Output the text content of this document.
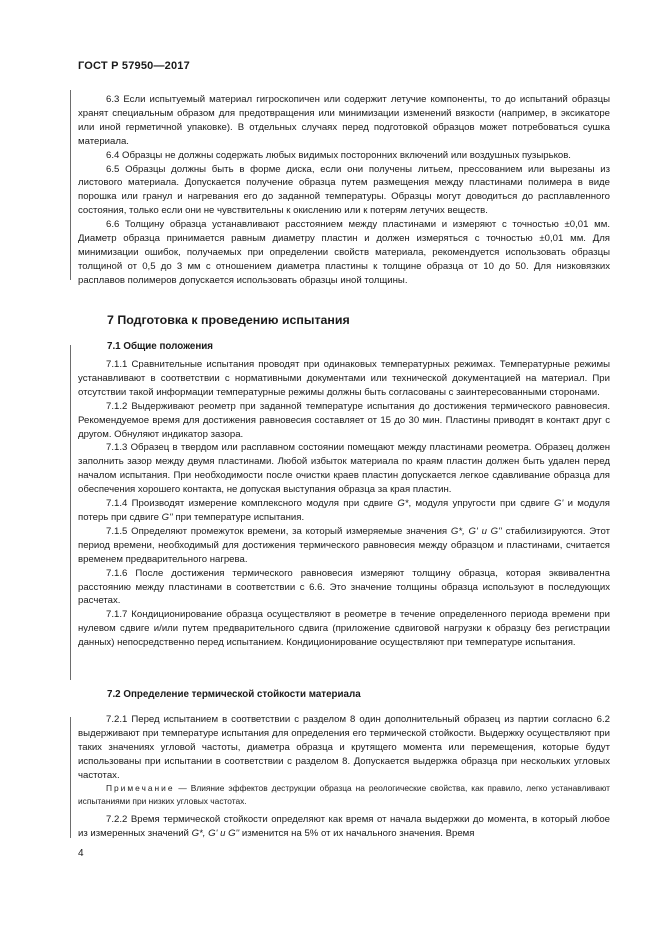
ГОСТ Р 57950—2017

6.3 Если испытуемый материал гигроскопичен или содержит летучие компоненты, то до испытаний образцы хранят специальным образом для предотвращения или минимизации изменений вязкости (например, в эксикаторе или иной герметичной упаковке). В отдельных случаях перед подготовкой образцов может потребоваться сушка материала.

6.4 Образцы не должны содержать любых видимых посторонних включений или воздушных пузырьков.

6.5 Образцы должны быть в форме диска, если они получены литьем, прессованием или вырезаны из листового материала. Допускается получение образца путем размещения между пластинами полимера в виде порошка или гранул и нагревания его до заданной температуры. Образцы могут доводиться до расплавленного состояния, только если они не чувствительны к окислению или к потерям летучих веществ.

6.6 Толщину образца устанавливают расстоянием между пластинами и измеряют с точностью ±0,01 мм. Диаметр образца принимается равным диаметру пластин и должен измеряться с точностью ±0,01 мм. Для минимизации ошибок, получаемых при определении свойств материала, рекомендуется использовать образцы толщиной от 0,5 до 3 мм с отношением диаметра пластины к толщине образца от 10 до 50. Для низковязких расплавов полимеров допускается использовать образцы иной толщины.

7 Подготовка к проведению испытания
7.1 Общие положения

7.1.1 Сравнительные испытания проводят при одинаковых температурных режимах. Температурные режимы устанавливают в соответствии с нормативными документами или технической документацией на материал. При отсутствии такой информации температурные режимы должны быть согласованы с заинтересованными сторонами.

7.1.2 Выдерживают реометр при заданной температуре испытания до достижения термического равновесия. Рекомендуемое время для достижения равновесия составляет от 15 до 30 мин. Пластины приводят в контакт друг с другом. Обнуляют индикатор зазора.

7.1.3 Образец в твердом или расплавном состоянии помещают между пластинами реометра. Образец должен заполнить зазор между двумя пластинами. Любой избыток материала по краям пластин должен быть удален перед началом испытания. При необходимости после очистки краев пластин допускается легкое сдавливание образца для обеспечения хорошего контакта, не допуская выступания образца за края пластин.

7.1.4 Производят измерение комплексного модуля при сдвиге G*, модуля упругости при сдвиге G' и модуля потерь при сдвиге G'' при температуре испытания.

7.1.5 Определяют промежуток времени, за который измеряемые значения G*, G' и G'' стабилизируются. Этот период времени, необходимый для достижения термического равновесия между образцом и пластинами, считается временем предварительного нагрева.

7.1.6 После достижения термического равновесия измеряют толщину образца, которая эквивалентна расстоянию между пластинами в соответствии с 6.6. Это значение толщины образца используют в последующих расчетах.

7.1.7 Кондиционирование образца осуществляют в реометре в течение определенного периода времени при нулевом сдвиге и/или путем предварительного сдвига (приложение сдвиговой нагрузки к образцу без регистрации данных) непосредственно перед испытанием. Кондиционирование осуществляют при температуре испытания.

7.2 Определение термической стойкости материала

7.2.1 Перед испытанием в соответствии с разделом 8 один дополнительный образец из партии согласно 6.2 выдерживают при температуре испытания для определения его термической стойкости. Выдержку осуществляют при таких значениях угловой частоты, диаметра образца и крутящего момента или перемещения, которые будут использованы при испытании в соответствии с разделом 8. Допускается выдержка образца при нескольких угловых частотах.

Примечание — Влияние эффектов деструкции образца на реологические свойства, как правило, легко устанавливают испытаниями при низких угловых частотах.

7.2.2 Время термической стойкости определяют как время от начала выдержки до момента, в который любое из измеренных значений G*, G' и G'' изменится на 5% от их начального значения. Время

4
